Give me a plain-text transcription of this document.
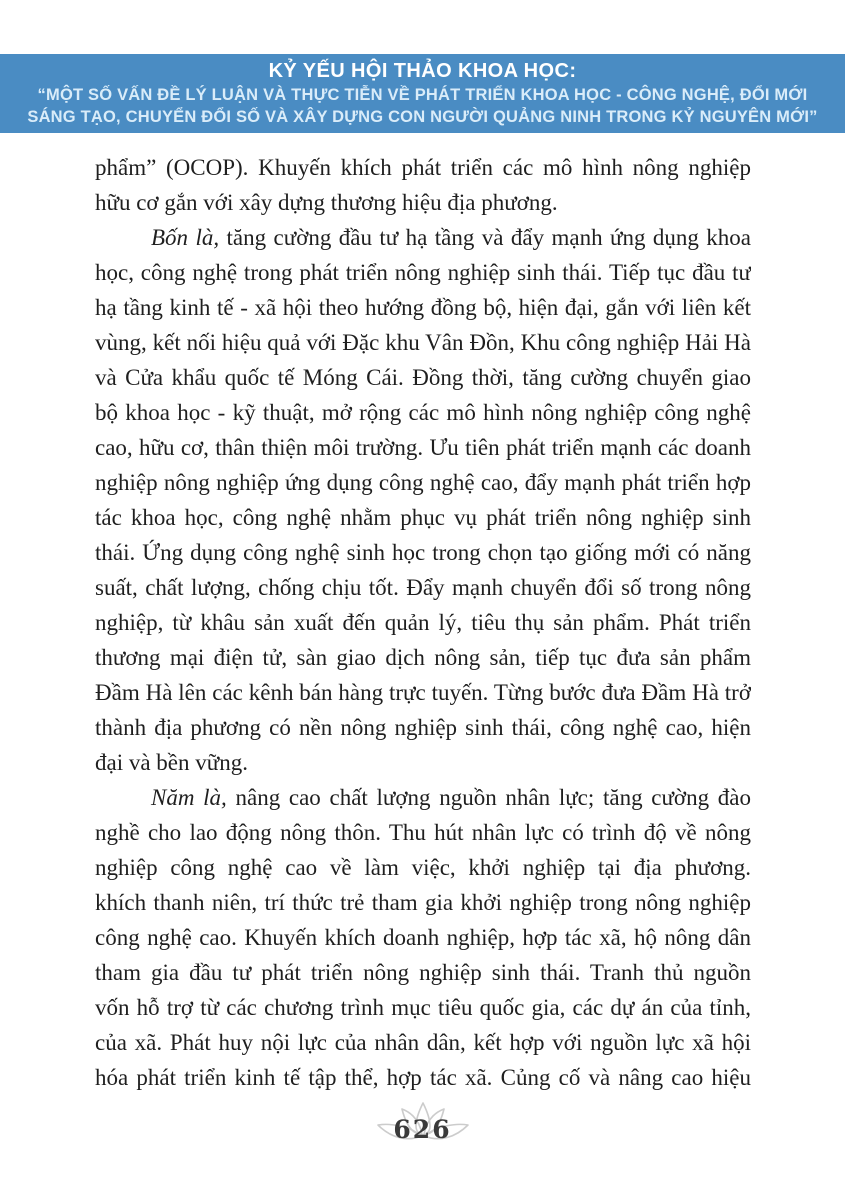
KỶ YẾU HỘI THẢO KHOA HỌC:
“MỘT SỐ VẤN ĐỀ LÝ LUẬN VÀ THỰC TIỄN VỀ PHÁT TRIỂN KHOA HỌC - CÔNG NGHỆ, ĐỔI MỚI
SÁNG TẠO, CHUYỂN ĐỔI SỐ VÀ XÂY DỰNG CON NGƯỜI QUẢNG NINH TRONG KỶ NGUYÊN MỚI”
phẩm” (OCOP). Khuyến khích phát triển các mô hình nông nghiệp
hữu cơ gắn với xây dựng thương hiệu địa phương.
Bốn là, tăng cường đầu tư hạ tầng và đẩy mạnh ứng dụng khoa
học, công nghệ trong phát triển nông nghiệp sinh thái. Tiếp tục đầu tư
hạ tầng kinh tế - xã hội theo hướng đồng bộ, hiện đại, gắn với liên kết
vùng, kết nối hiệu quả với Đặc khu Vân Đồn, Khu công nghiệp Hải Hà
và Cửa khẩu quốc tế Móng Cái. Đồng thời, tăng cường chuyển giao
bộ khoa học - kỹ thuật, mở rộng các mô hình nông nghiệp công nghệ
cao, hữu cơ, thân thiện môi trường. Ưu tiên phát triển mạnh các doanh
nghiệp nông nghiệp ứng dụng công nghệ cao, đẩy mạnh phát triển hợp
tác khoa học, công nghệ nhằm phục vụ phát triển nông nghiệp sinh
thái. Ứng dụng công nghệ sinh học trong chọn tạo giống mới có năng
suất, chất lượng, chống chịu tốt. Đẩy mạnh chuyển đổi số trong nông
nghiệp, từ khâu sản xuất đến quản lý, tiêu thụ sản phẩm. Phát triển
thương mại điện tử, sàn giao dịch nông sản, tiếp tục đưa sản phẩm
Đầm Hà lên các kênh bán hàng trực tuyến. Từng bước đưa Đầm Hà trở
thành địa phương có nền nông nghiệp sinh thái, công nghệ cao, hiện
đại và bền vững.
Năm là, nâng cao chất lượng nguồn nhân lực; tăng cường đào
nghề cho lao động nông thôn. Thu hút nhân lực có trình độ về nông
nghiệp công nghệ cao về làm việc, khởi nghiệp tại địa phương.
khích thanh niên, trí thức trẻ tham gia khởi nghiệp trong nông nghiệp
công nghệ cao. Khuyến khích doanh nghiệp, hợp tác xã, hộ nông dân
tham gia đầu tư phát triển nông nghiệp sinh thái. Tranh thủ nguồn
vốn hỗ trợ từ các chương trình mục tiêu quốc gia, các dự án của tỉnh,
của xã. Phát huy nội lực của nhân dân, kết hợp với nguồn lực xã hội
hóa phát triển kinh tế tập thể, hợp tác xã. Củng cố và nâng cao hiệu
626
